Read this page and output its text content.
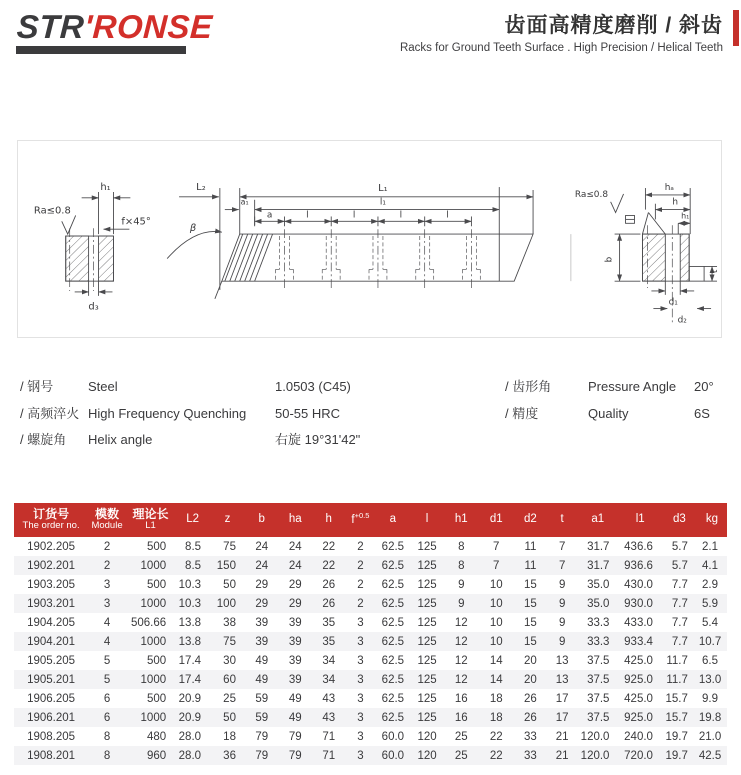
STR'RONSE	齿面高精度磨削 / 斜齿
Racks for Ground Teeth Surface . High Precision / Helical Teeth
h₁
Ra≤0.8
f×45°
d₃
L₂	L₁
l₁
a₁
a	l	l	l	l
β
hₐ
h
h₁
Ra≤0.8
b
t
d₁
d₂
/ 钢号	Steel	1.0503 (C45)
/ 高频淬火 High Frequency Quenching	50-55 HRC
/ 螺旋角	Helix angle	右旋 19°31'42"
/ 齿形角	Pressure Angle	20°
/ 精度	Quality	6S
订货号
The order no.

模数
Module

理论长
L1
	L2	z	b	ha	h	$f^{+0.5}$	a	l	h1	d1	d2	t	a1	l1	d3	kg
1902.205	2	500	8.5	75	24	24	22	2	62.5	125	8	7	11	7	31.7	436.6	5.7	2.1
1902.201	2	1000	8.5	150	24	24	22	2	62.5	125	8	7	11	7	31.7	936.6	5.7	4.1
1903.205	3	500	10.3	50	29	29	26	2	62.5	125	9	10	15	9	35.0	430.0	7.7	2.9
1903.201	3	1000	10.3	100	29	29	26	2	62.5	125	9	10	15	9	35.0	930.0	7.7	5.9
1904.205	4	506.66	13.8	38	39	39	35	3	62.5	125	12	10	15	9	33.3	433.0	7.7	5.4
1904.201	4	1000	13.8	75	39	39	35	3	62.5	125	12	10	15	9	33.3	933.4	7.7	10.7
1905.205	5	500	17.4	30	49	39	34	3	62.5	125	12	14	20	13	37.5	425.0	11.7	6.5
1905.201	5	1000	17.4	60	49	39	34	3	62.5	125	12	14	20	13	37.5	925.0	11.7	13.0
1906.205	6	500	20.9	25	59	49	43	3	62.5	125	16	18	26	17	37.5	425.0	15.7	9.9
1906.201	6	1000	20.9	50	59	49	43	3	62.5	125	16	18	26	17	37.5	925.0	15.7	19.8
1908.205	8	480	28.0	18	79	79	71	3	60.0	120	25	22	33	21	120.0	240.0	19.7	21.0
1908.201	8	960	28.0	36	79	79	71	3	60.0	120	25	22	33	21	120.0	720.0	19.7	42.5
